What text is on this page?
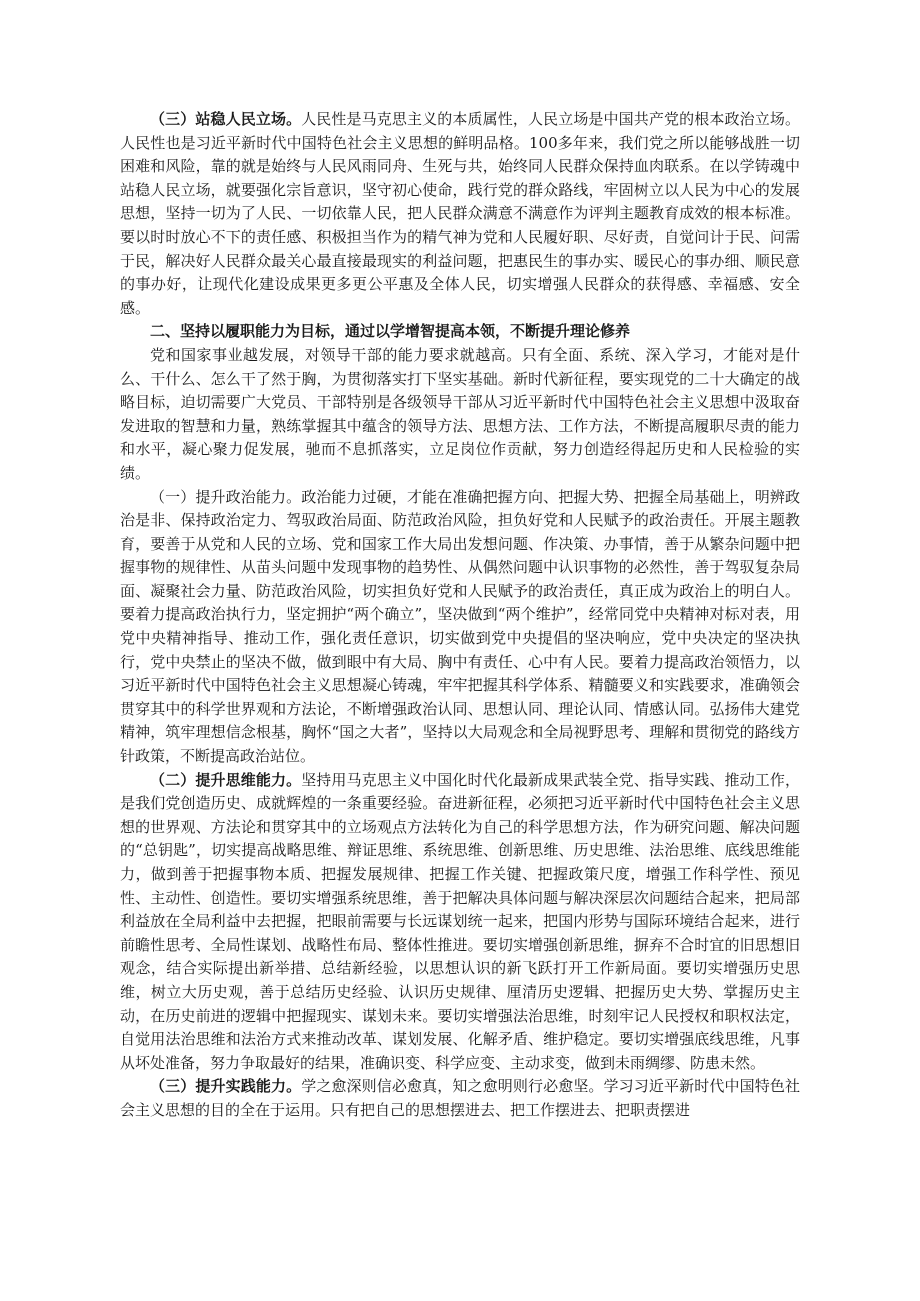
（三）站稳人民立场。人民性是马克思主义的本质属性，人民立场是中国共产党的根本政治立场。人民性也是习近平新时代中国特色社会主义思想的鲜明品格。100多年来，我们党之所以能够战胜一切困难和风险，靠的就是始终与人民风雨同舟、生死与共，始终同人民群众保持血肉联系。在以学铸魂中站稳人民立场，就要强化宗旨意识，坚守初心使命，践行党的群众路线，牢固树立以人民为中心的发展思想，坚持一切为了人民、一切依靠人民，把人民群众满意不满意作为评判主题教育成效的根本标准。要以时时放心不下的责任感、积极担当作为的精气神为党和人民履好职、尽好责，自觉问计于民、问需于民，解决好人民群众最关心最直接最现实的利益问题，把惠民生的事办实、暖民心的事办细、顺民意的事办好，让现代化建设成果更多更公平惠及全体人民，切实增强人民群众的获得感、幸福感、安全感。

二、坚持以履职能力为目标，通过以学增智提高本领，不断提升理论修养

党和国家事业越发展，对领导干部的能力要求就越高。只有全面、系统、深入学习，才能对是什么、干什么、怎么干了然于胸，为贯彻落实打下坚实基础。新时代新征程，要实现党的二十大确定的战略目标，迫切需要广大党员、干部特别是各级领导干部从习近平新时代中国特色社会主义思想中汲取奋发进取的智慧和力量，熟练掌握其中蕴含的领导方法、思想方法、工作方法，不断提高履职尽责的能力和水平，凝心聚力促发展，驰而不息抓落实，立足岗位作贡献，努力创造经得起历史和人民检验的实绩。

（一）提升政治能力。政治能力过硬，才能在准确把握方向、把握大势、把握全局基础上，明辨政治是非、保持政治定力、驾驭政治局面、防范政治风险，担负好党和人民赋予的政治责任。开展主题教育，要善于从党和人民的立场、党和国家工作大局出发想问题、作决策、办事情，善于从繁杂问题中把握事物的规律性、从苗头问题中发现事物的趋势性、从偶然问题中认识事物的必然性，善于驾驭复杂局面、凝聚社会力量、防范政治风险，切实担负好党和人民赋予的政治责任，真正成为政治上的明白人。要着力提高政治执行力，坚定拥护“两个确立”，坚决做到“两个维护”，经常同党中央精神对标对表，用党中央精神指导、推动工作，强化责任意识，切实做到党中央提倡的坚决响应，党中央决定的坚决执行，党中央禁止的坚决不做，做到眼中有大局、胸中有责任、心中有人民。要着力提高政治领悟力，以习近平新时代中国特色社会主义思想凝心铸魂，牢牢把握其科学体系、精髓要义和实践要求，准确领会贯穿其中的科学世界观和方法论，不断增强政治认同、思想认同、理论认同、情感认同。弘扬伟大建党精神，筑牢理想信念根基，胸怀“国之大者”，坚持以大局观念和全局视野思考、理解和贯彻党的路线方针政策，不断提高政治站位。

（二）提升思维能力。坚持用马克思主义中国化时代化最新成果武装全党、指导实践、推动工作，是我们党创造历史、成就辉煌的一条重要经验。奋进新征程，必须把习近平新时代中国特色社会主义思想的世界观、方法论和贯穿其中的立场观点方法转化为自己的科学思想方法，作为研究问题、解决问题的“总钥匙”，切实提高战略思维、辩证思维、系统思维、创新思维、历史思维、法治思维、底线思维能力，做到善于把握事物本质、把握发展规律、把握工作关键、把握政策尺度，增强工作科学性、预见性、主动性、创造性。要切实增强系统思维，善于把解决具体问题与解决深层次问题结合起来，把局部利益放在全局利益中去把握，把眼前需要与长远谋划统一起来，把国内形势与国际环境结合起来，进行前瞻性思考、全局性谋划、战略性布局、整体性推进。要切实增强创新思维，摒弃不合时宜的旧思想旧观念，结合实际提出新举措、总结新经验，以思想认识的新飞跃打开工作新局面。要切实增强历史思维，树立大历史观，善于总结历史经验、认识历史规律、厘清历史逻辑、把握历史大势、掌握历史主动，在历史前进的逻辑中把握现实、谋划未来。要切实增强法治思维，时刻牢记人民授权和职权法定，自觉用法治思维和法治方式来推动改革、谋划发展、化解矛盾、维护稳定。要切实增强底线思维，凡事从坏处准备，努力争取最好的结果，准确识变、科学应变、主动求变，做到未雨绸缪、防患未然。

（三）提升实践能力。学之愈深则信必愈真，知之愈明则行必愈坚。学习习近平新时代中国特色社会主义思想的目的全在于运用。只有把自己的思想摆进去、把工作摆进去、把职责摆进
